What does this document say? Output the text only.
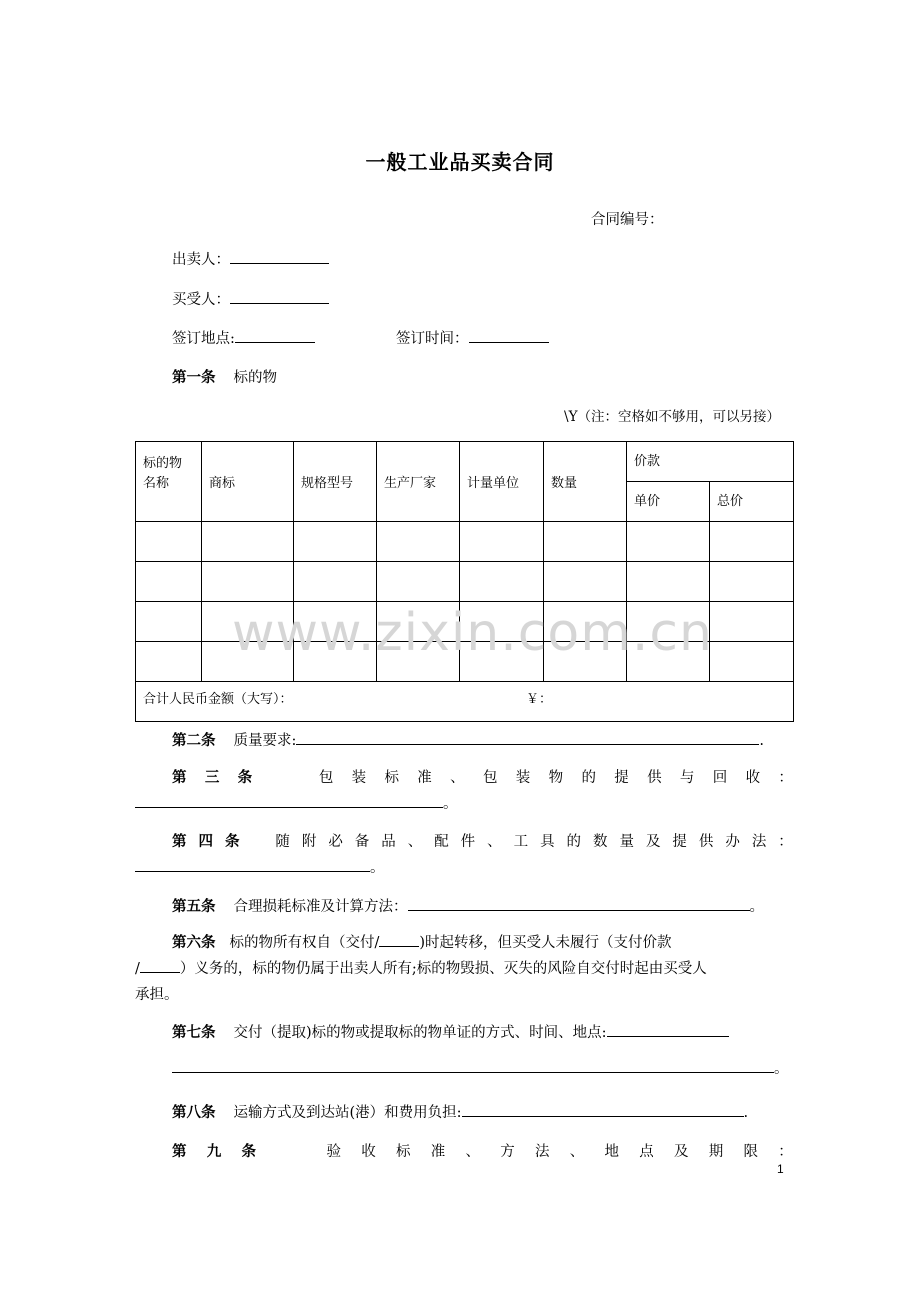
一般工业品买卖合同
合同编号：
出卖人：
买受人：
签订地点:	签订时间：
第一条 标的物
\Y（注：空格如不够用，可以另接）
标的物名称	商标	规格型号	生产厂家	计量单位	数量	价款	
						单价	总价

合计人民币金额（大写）： ￥：							
www.zixin.com.cn
第二条 质量要求:	.
第 三 条	包 装 标 准 、 包 装 物 的 提 供 与 回 收 ：
。
第 四 条 随 附 必 备 品 、 配 件 、 工 具 的 数 量 及 提 供 办 法 ：
。
第五条 合理损耗标准及计算方法：	。
第六条 标的物所有权自（交付/	)时起转移，但买受人未履行（支付价款
/	）义务的，标的物仍属于出卖人所有;标的物毁损、灭失的风险自交付时起由买受人
承担。
第七条 交付（提取)标的物或提取标的物单证的方式、时间、地点:
。
第八条 运输方式及到达站(港）和费用负担:	.
第 九 条	验 收 标 准 、 方 法 、 地 点 及 期 限 ：
1
